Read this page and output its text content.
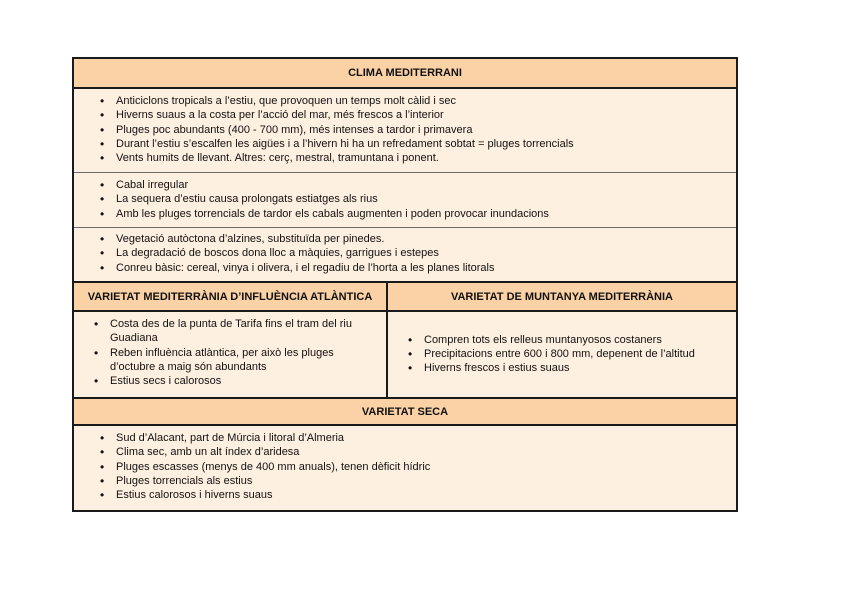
CLIMA MEDITERRANI
• Anticiclons tropicals a l’estiu, que provoquen un temps molt càlid i sec
• Hiverns suaus a la costa per l’acció del mar, més frescos a l’interior
• Pluges poc abundants (400 - 700 mm), més intenses a tardor i primavera
• Durant l’estiu s’escalfen les aigües i a l’hivern hi ha un refredament sobtat = pluges torrencials
• Vents humits de llevant. Altres: cerç, mestral, tramuntana i ponent.
• Cabal irregular
• La sequera d’estiu causa prolongats estiatges als rius
• Amb les pluges torrencials de tardor els cabals augmenten i poden provocar inundacions
• Vegetació autòctona d’alzines, substituïda per pinedes.
• La degradació de boscos dona lloc a màquies, garrigues i estepes
• Conreu bàsic: cereal, vinya i olivera, i el regadiu de l’horta a les planes litorals
VARIETAT MEDITERRÀNIA D’INFLUÈNCIA ATLÀNTICA	VARIETAT DE MUNTANYA MEDITERRÀNIA
• Costa des de la punta de Tarifa fins el tram del riu Guadiana
• Reben influència atlàntica, per això les pluges d’octubre a maig són abundants
• Estius secs i calorosos
• Compren tots els relleus muntanyosos costaners
• Precipitacions entre 600 i 800 mm, depenent de l’altitud
• Hiverns frescos i estius suaus
VARIETAT SECA
• Sud d’Alacant, part de Múrcia i litoral d’Almeria
• Clima sec, amb un alt índex d’aridesa
• Pluges escasses (menys de 400 mm anuals), tenen dèficit hídric
• Pluges torrencials als estius
• Estius calorosos i hiverns suaus
